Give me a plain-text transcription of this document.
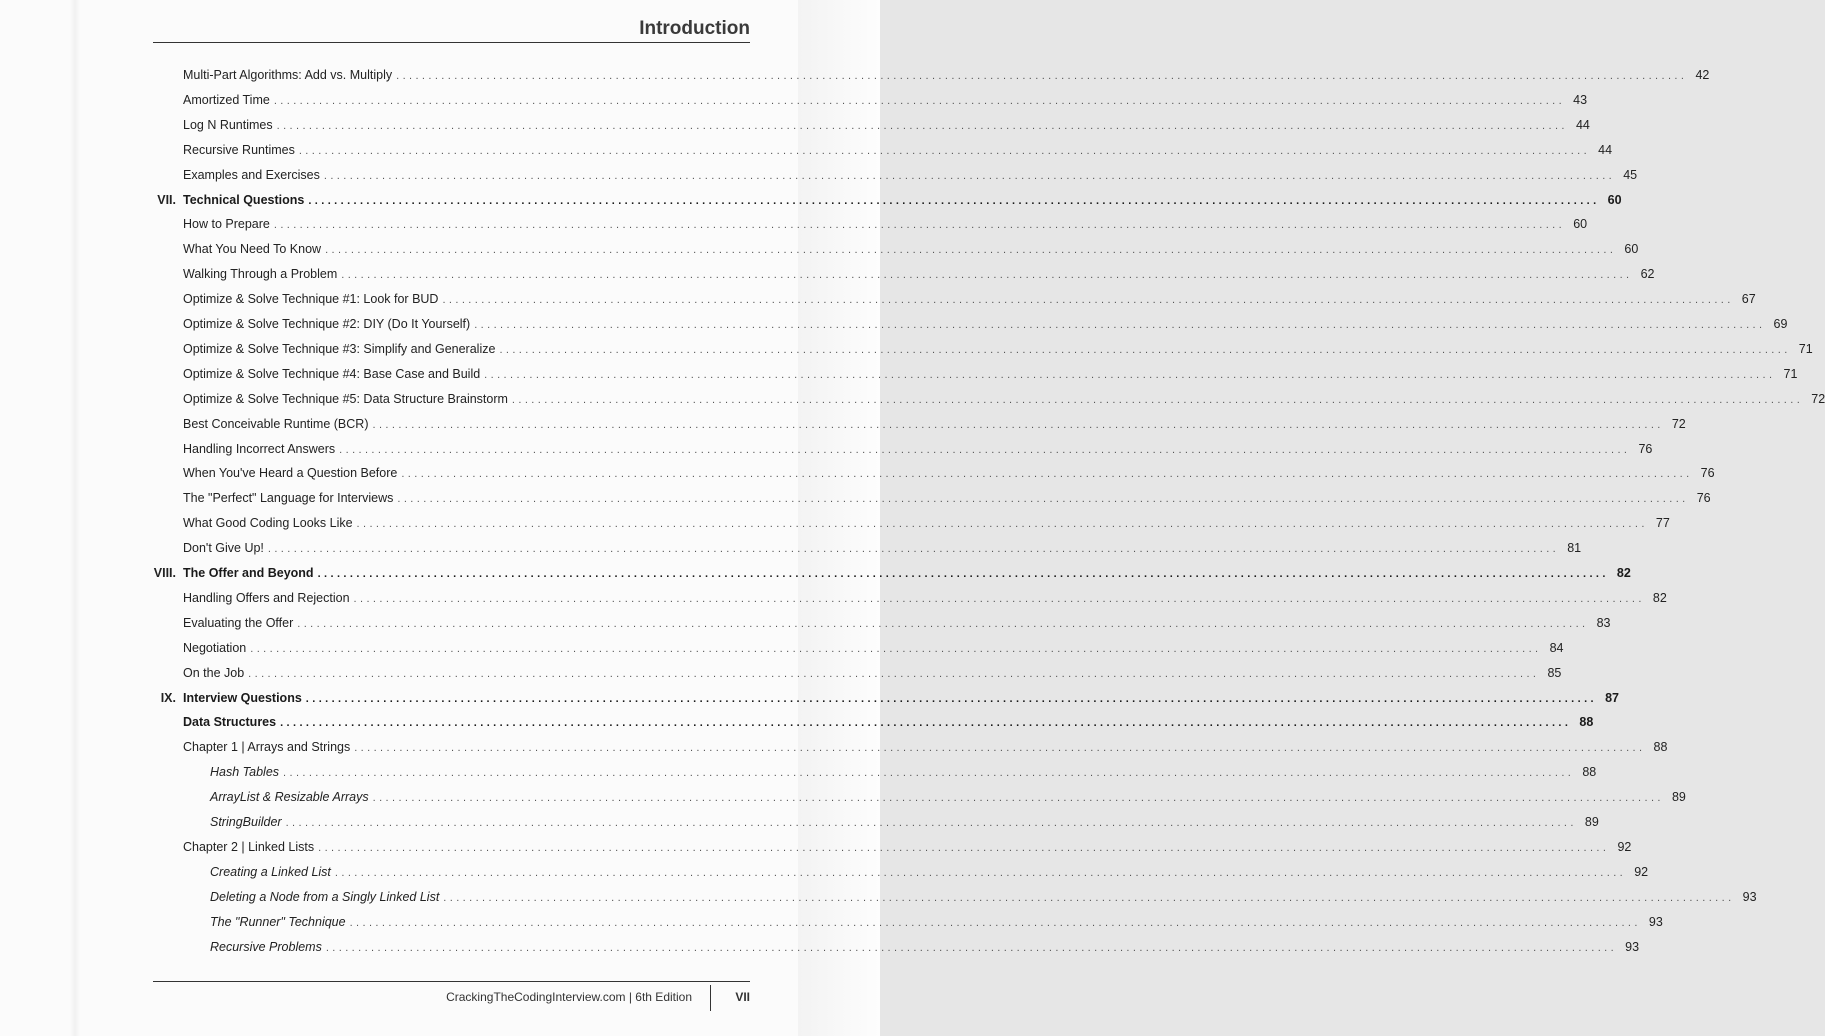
Introduction
Multi-Part Algorithms: Add vs. Multiply ........................................................................................................................................................................................................ 42
Amortized Time ........................................................................................................................................................................................................ 43
Log N Runtimes ........................................................................................................................................................................................................ 44
Recursive Runtimes ........................................................................................................................................................................................................ 44
Examples and Exercises ........................................................................................................................................................................................................ 45
VII. Technical Questions ........................................................................................................................................................................................................ 60
How to Prepare ........................................................................................................................................................................................................ 60
What You Need To Know ........................................................................................................................................................................................................ 60
Walking Through a Problem ........................................................................................................................................................................................................ 62
Optimize & Solve Technique #1: Look for BUD ........................................................................................................................................................................................................ 67
Optimize & Solve Technique #2: DIY (Do It Yourself) ........................................................................................................................................................................................................ 69
Optimize & Solve Technique #3: Simplify and Generalize ........................................................................................................................................................................................................ 71
Optimize & Solve Technique #4: Base Case and Build ........................................................................................................................................................................................................ 71
Optimize & Solve Technique #5: Data Structure Brainstorm ........................................................................................................................................................................................................ 72
Best Conceivable Runtime (BCR) ........................................................................................................................................................................................................ 72
Handling Incorrect Answers ........................................................................................................................................................................................................ 76
When You've Heard a Question Before ........................................................................................................................................................................................................ 76
The "Perfect" Language for Interviews ........................................................................................................................................................................................................ 76
What Good Coding Looks Like ........................................................................................................................................................................................................ 77
Don't Give Up! ........................................................................................................................................................................................................ 81
VIII. The Offer and Beyond ........................................................................................................................................................................................................ 82
Handling Offers and Rejection ........................................................................................................................................................................................................ 82
Evaluating the Offer ........................................................................................................................................................................................................ 83
Negotiation ........................................................................................................................................................................................................ 84
On the Job ........................................................................................................................................................................................................ 85
IX. Interview Questions ........................................................................................................................................................................................................ 87
Data Structures ........................................................................................................................................................................................................ 88
Chapter 1 | Arrays and Strings ........................................................................................................................................................................................................ 88
Hash Tables ........................................................................................................................................................................................................ 88
ArrayList & Resizable Arrays ........................................................................................................................................................................................................ 89
StringBuilder ........................................................................................................................................................................................................ 89
Chapter 2 | Linked Lists ........................................................................................................................................................................................................ 92
Creating a Linked List ........................................................................................................................................................................................................ 92
Deleting a Node from a Singly Linked List ........................................................................................................................................................................................................ 93
The "Runner" Technique ........................................................................................................................................................................................................ 93
Recursive Problems ........................................................................................................................................................................................................ 93
CrackingTheCodingInterview.com | 6th Edition	VII
